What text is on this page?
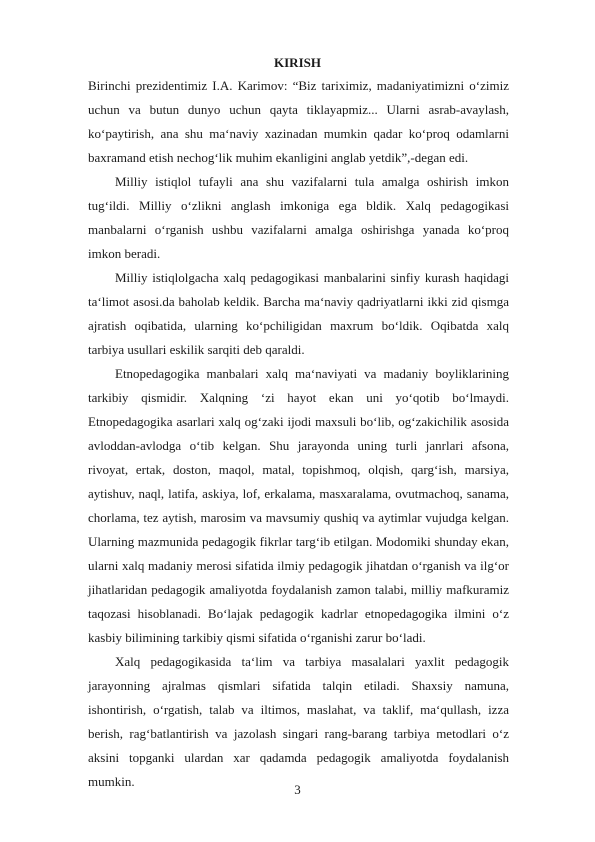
KIRISH

Birinchi prezidentimiz I.A. Karimov: “Biz tariximiz, madaniyatimizni o‘zimiz uchun va butun dunyo uchun qayta tiklayapmiz... Ularni asrab-avaylash, ko‘paytirish, ana shu ma‘naviy xazinadan mumkin qadar ko‘proq odamlarni baxramand etish nechog‘lik muhim ekanligini anglab yetdik”,-degan edi.

Milliy istiqlol tufayli ana shu vazifalarni tula amalga oshirish imkon tug‘ildi. Milliy o‘zlikni anglash imkoniga ega bldik. Xalq pedagogikasi manbalarni o‘rganish ushbu vazifalarni amalga oshirishga yanada ko‘proq imkon beradi.

Milliy istiqlolgacha xalq pedagogikasi manbalarini sinfiy kurash haqidagi ta‘limot asosi.da baholab keldik. Barcha ma‘naviy qadriyatlarni ikki zid qismga ajratish oqibatida, ularning ko‘pchiligidan maxrum bo‘ldik. Oqibatda xalq tarbiya usullari eskilik sarqiti deb qaraldi.

Etnopedagogika manbalari xalq ma‘naviyati va madaniy boyliklarining tarkibiy qismidir. Xalqning ‘zi hayot ekan uni yo‘qotib bo‘lmaydi. Etnopedagogika asarlari xalq og‘zaki ijodi maxsuli bo‘lib, og‘zakichilik asosida avloddan-avlodga o‘tib kelgan. Shu jarayonda uning turli janrlari afsona, rivoyat, ertak, doston, maqol, matal, topishmoq, olqish, qarg‘ish, marsiya, aytishuv, naql, latifa, askiya, lof, erkalama, masxaralama, ovutmachoq, sanama, chorlama, tez aytish, marosim va mavsumiy qushiq va aytimlar vujudga kelgan. Ularning mazmunida pedagogik fikrlar targ‘ib etilgan. Modomiki shunday ekan, ularni xalq madaniy merosi sifatida ilmiy pedagogik jihatdan o‘rganish va ilg‘or jihatlaridan pedagogik amaliyotda foydalanish zamon talabi, milliy mafkuramiz taqozasi hisoblanadi. Bo‘lajak pedagogik kadrlar etnopedagogika ilmini o‘z kasbiy bilimining tarkibiy qismi sifatida o‘rganishi zarur bo‘ladi.

Xalq pedagogikasida ta‘lim va tarbiya masalalari yaxlit pedagogik jarayonning ajralmas qismlari sifatida talqin etiladi. Shaxsiy namuna, ishontirish, o‘rgatish, talab va iltimos, maslahat, va taklif, ma‘qullash, izza berish, rag‘batlantirish va jazolash singari rang-barang tarbiya metodlari o‘z aksini topganki ulardan xar qadamda pedagogik amaliyotda foydalanish mumkin.

3
